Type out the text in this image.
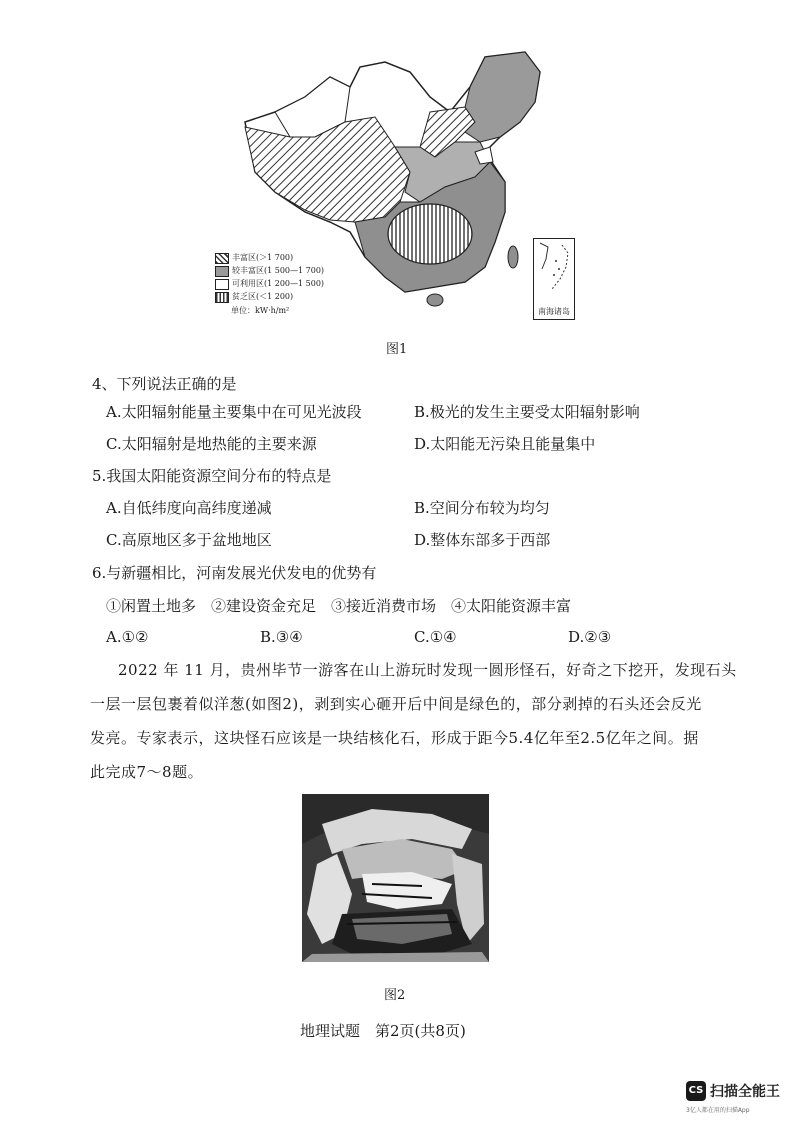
丰富区(＞1 700)
较丰富区(1 500—1 700)
可利用区(1 200—1 500)
贫乏区(＜1 200)
单位：kW·h/m²	南海诸岛
图1
4、下列说法正确的是
A.太阳辐射能量主要集中在可见光波段	B.极光的发生主要受太阳辐射影响
C.太阳辐射是地热能的主要来源	D.太阳能无污染且能量集中
5.我国太阳能资源空间分布的特点是
A.自低纬度向高纬度递减	B.空间分布较为均匀
C.高原地区多于盆地地区	D.整体东部多于西部
6.与新疆相比，河南发展光伏发电的优势有
①闲置土地多　②建设资金充足　③接近消费市场　④太阳能资源丰富
A.①②	B.③④	C.①④	D.②③
2022 年 11 月，贵州毕节一游客在山上游玩时发现一圆形怪石，好奇之下挖开，发现石头
一层一层包裹着似洋葱(如图2)，剥到实心砸开后中间是绿色的，部分剥掉的石头还会反光
发亮。专家表示，这块怪石应该是一块结核化石，形成于距今5.4亿年至2.5亿年之间。据
此完成7～8题。
图2
地理试题　第2页(共8页)
CS 扫描全能王
3亿人都在用的扫描App
